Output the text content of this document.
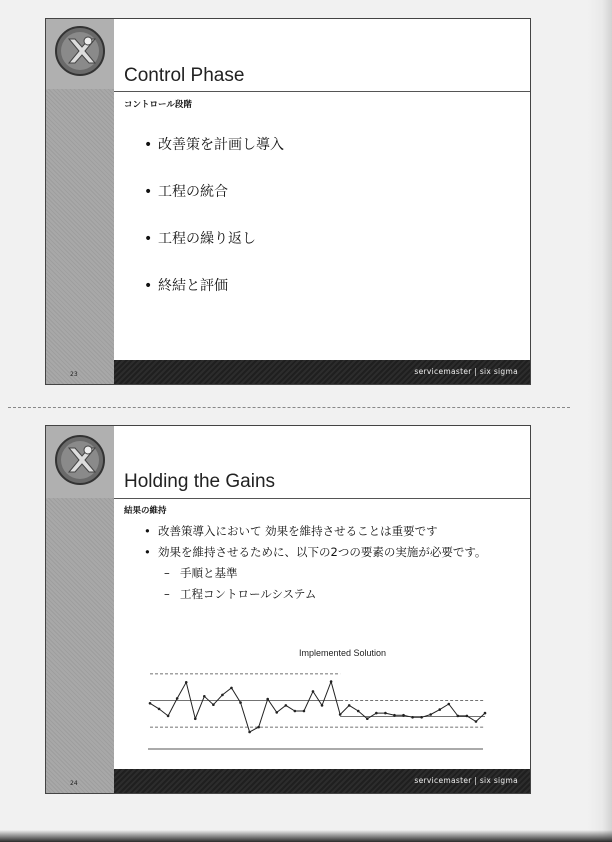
Control Phase
コントロール段階
• 改善策を計画し導入
• 工程の統合
• 工程の繰り返し
• 終結と評価
23	servicemaster | six sigma
Holding the Gains
結果の維持
• 改善策導入において 効果を維持させることは重要です
• 効果を維持させるために、以下の2つの要素の実施が必要です。
– 手順と基準
– 工程コントロールシステム
Implemented Solution
24	servicemaster | six sigma
